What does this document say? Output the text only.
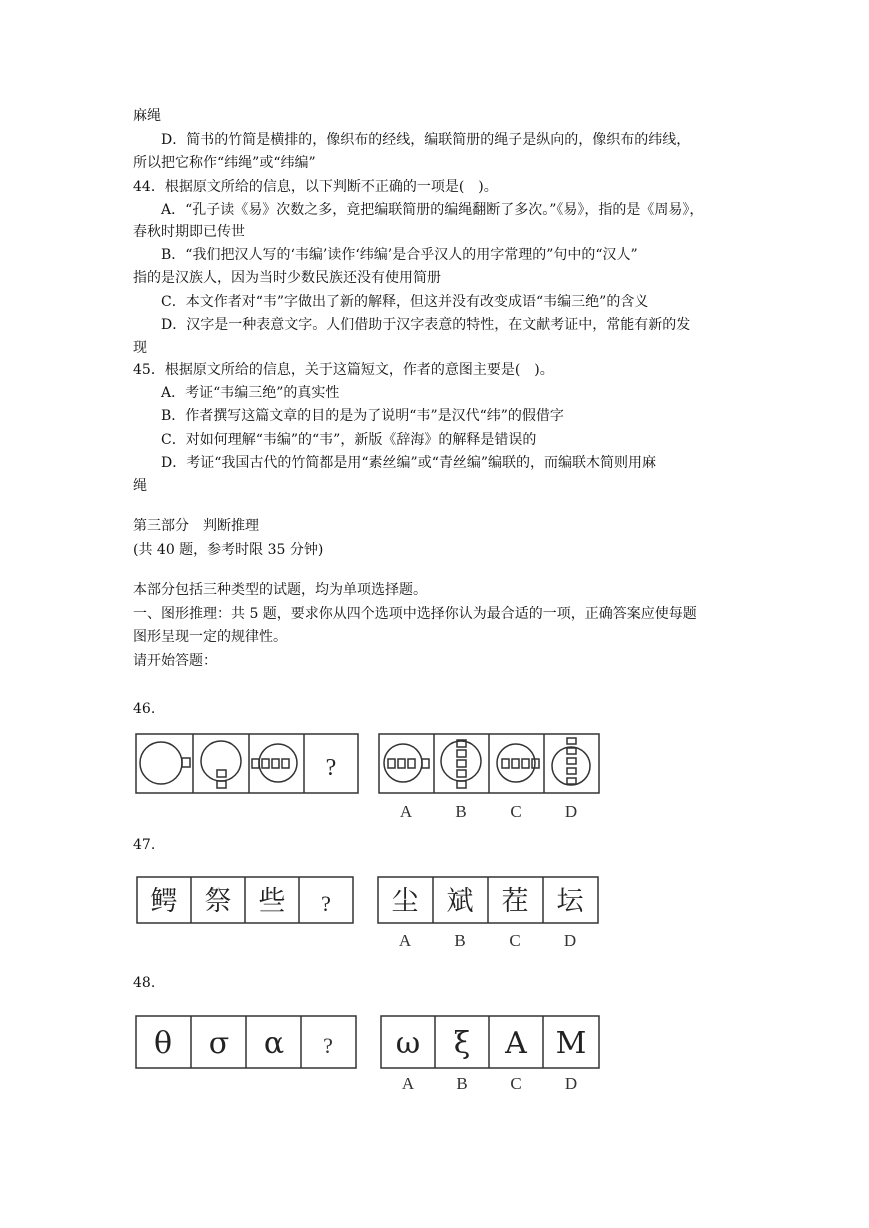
麻绳
D．简书的竹简是横排的，像织布的经线，编联简册的绳子是纵向的，像织布的纬线，
所以把它称作“纬绳”或“纬编”
44．根据原文所给的信息，以下判断不正确的一项是(　)。
A．“孔子读《易》次数之多，竟把编联简册的编绳翻断了多次。”《易》，指的是《周易》，
春秋时期即已传世
B．“我们把汉人写的‘韦编’读作‘纬编’是合乎汉人的用字常理的”句中的“汉人”
指的是汉族人，因为当时少数民族还没有使用简册
C．本文作者对“韦”字做出了新的解释，但这并没有改变成语“韦编三绝”的含义
D．汉字是一种表意文字。人们借助于汉字表意的特性，在文献考证中，常能有新的发
现
45．根据原文所给的信息，关于这篇短文，作者的意图主要是(　)。
A．考证“韦编三绝”的真实性
B．作者撰写这篇文章的目的是为了说明“韦”是汉代“纬”的假借字
C．对如何理解“韦编”的“韦”，新版《辞海》的解释是错误的
D．考证“我国古代的竹简都是用“素丝编”或“青丝编”编联的，而编联木简则用麻
绳
第三部分　判断推理
(共 40 题，参考时限 35 分钟)
本部分包括三种类型的试题，均为单项选择题。
一、图形推理：共 5 题，要求你从四个选项中选择你认为最合适的一项，正确答案应使每题
图形呈现一定的规律性。
请开始答题：
46.
?
A	B	C	D
47.
鳄 祭 些	尘 斌 茬 坛
?
A	B	C	D
48.
θ σ α	ω ξ A M
?
A B	C	D
